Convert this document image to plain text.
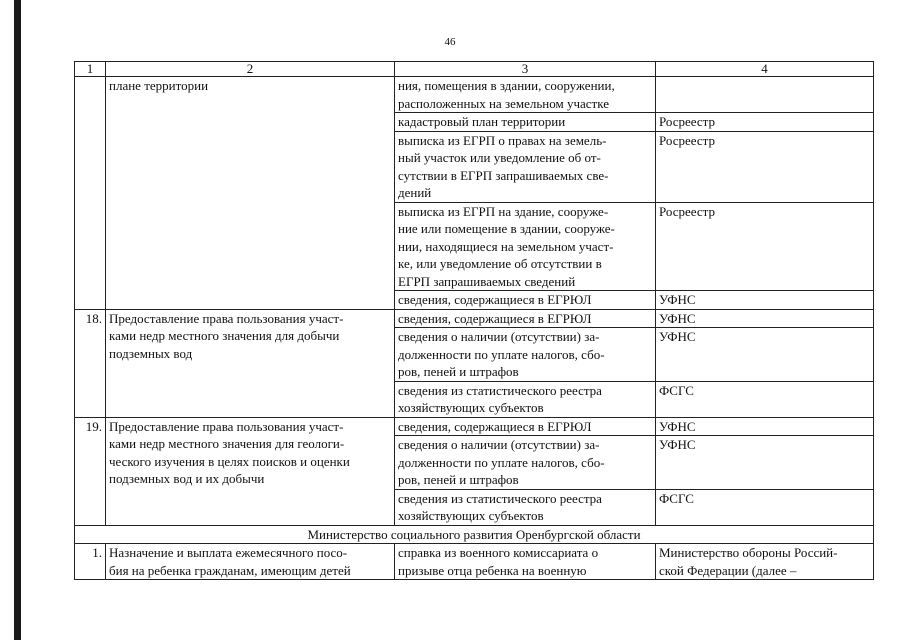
46
1	2	3	4

	плане территории	ния, помещения в здании, сооружении,
расположенных на земельном участке	

		кадастровый план территории	Росреестр

		выписка из ЕГРП о правах на земель-
ный участок или уведомление об от-
сутствии в ЕГРП запрашиваемых све-
дений	Росреестр

		выписка из ЕГРП на здание, сооруже-
ние или помещение в здании, сооруже-
нии, находящиеся на земельном участ-
ке, или уведомление об отсутствии в
ЕГРП запрашиваемых сведений	Росреестр

		сведения, содержащиеся в ЕГРЮЛ	УФНС

18.	Предоставление права пользования участ-
ками недр местного значения для добычи
подземных вод	сведения, содержащиеся в ЕГРЮЛ	УФНС

		сведения о наличии (отсутствии) за-
долженности по уплате налогов, сбо-
ров, пеней и штрафов	УФНС

		сведения из статистического реестра
хозяйствующих субъектов	ФСГС

19.	Предоставление права пользования участ-
ками недр местного значения для геологи-
ческого изучения в целях поисков и оценки
подземных вод и их добычи	сведения, содержащиеся в ЕГРЮЛ	УФНС

		сведения о наличии (отсутствии) за-
долженности по уплате налогов, сбо-
ров, пеней и штрафов	УФНС

		сведения из статистического реестра
хозяйствующих субъектов	ФСГС

Министерство социального развития Оренбургской области			
1.	Назначение и выплата ежемесячного посо-
бия на ребенка гражданам, имеющим детей	справка из военного комиссариата о
призыве отца ребенка на военную	Министерство обороны Россий-
ской Федерации (далее –
